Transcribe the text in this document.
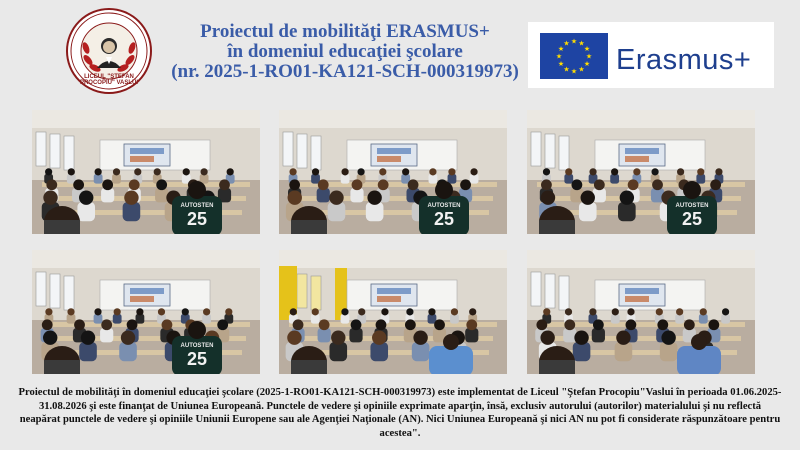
LICEUL "ŞTEFAN PROCOPIU" VASLUI
Proiectul de mobilităţi ERASMUS+
în domeniul educaţiei şcolare
(nr. 2025-1-RO01-KA121-SCH-000319973)
★ ★
★
★
★
★
★
★
★
★
★
★
Erasmus+
AUTOSTEN
25
AUTOSTEN
25
AUTOSTEN
25
AUTOSTEN
25
Proiectul de mobilităţi în domeniul educaţiei şcolare (2025-1-RO01-KA121-SCH-000319973) este implementat de Liceul "Ştefan Procopiu"Vaslui în perioada 01.06.2025-31.08.2026 şi este finanţat de Uniunea Europeană. Punctele de vedere şi opiniile exprimate aparţin, însă, exclusiv autorului (autorilor) materialului şi nu reflectă neapărat punctele de vedere şi opiniile Uniunii Europene sau ale Agenţiei Naţionale (AN). Nici Uniunea Europeană şi nici AN nu pot fi considerate răspunzătoare pentru acestea".
